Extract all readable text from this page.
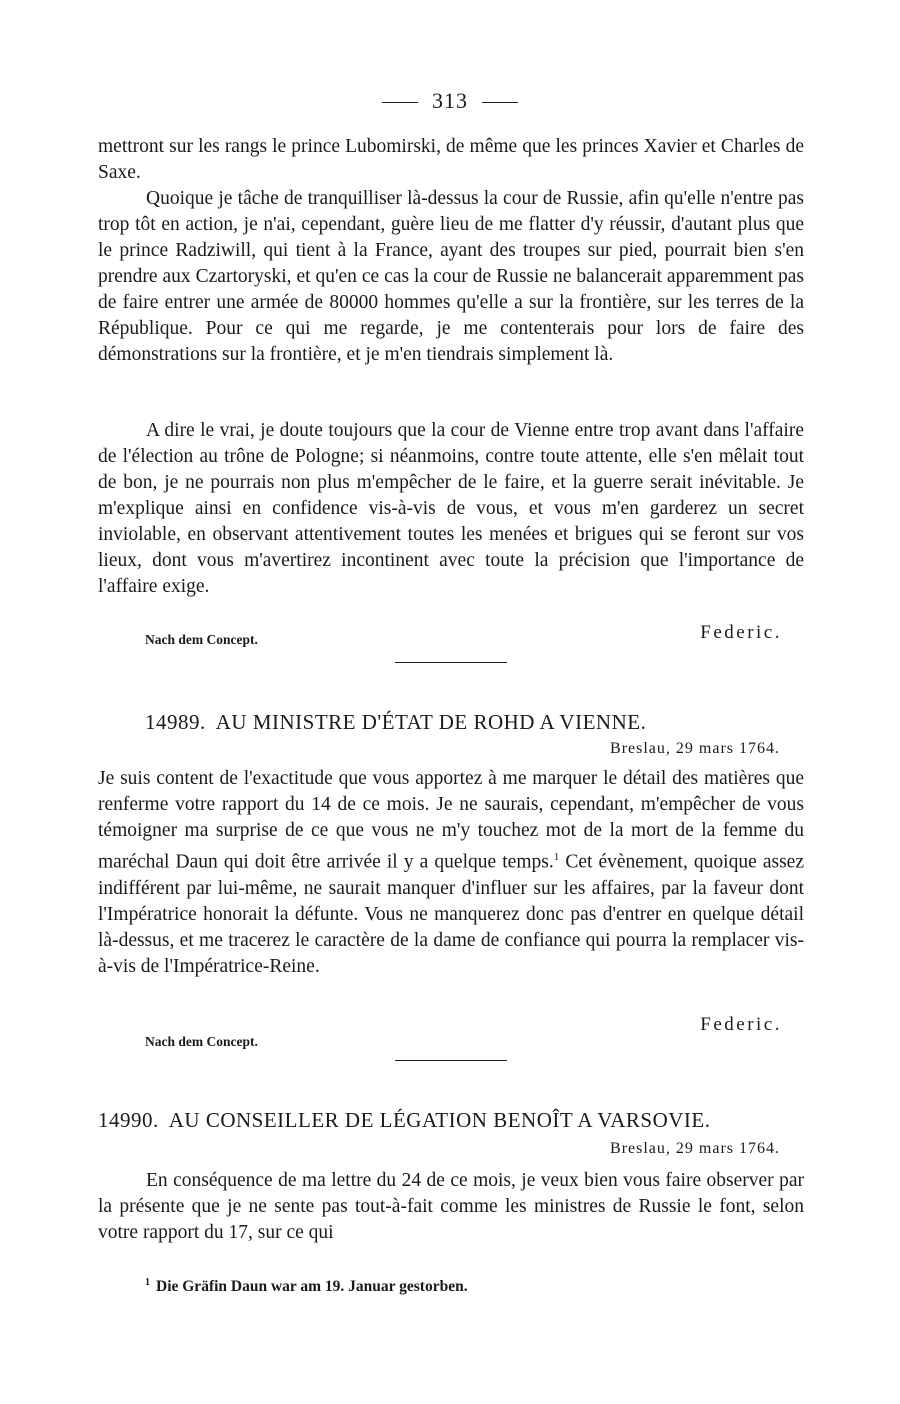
313
mettront sur les rangs le prince Lubomirski, de même que les princes Xavier et Charles de Saxe.
Quoique je tâche de tranquilliser là-dessus la cour de Russie, afin qu'elle n'entre pas trop tôt en action, je n'ai, cependant, guère lieu de me flatter d'y réussir, d'autant plus que le prince Radziwill, qui tient à la France, ayant des troupes sur pied, pourrait bien s'en prendre aux Czartoryski, et qu'en ce cas la cour de Russie ne balancerait apparemment pas de faire entrer une armée de 80000 hommes qu'elle a sur la frontière, sur les terres de la République. Pour ce qui me regarde, je me contenterais pour lors de faire des démonstrations sur la frontière, et je m'en tiendrais simplement là.
A dire le vrai, je doute toujours que la cour de Vienne entre trop avant dans l'affaire de l'élection au trône de Pologne; si néanmoins, contre toute attente, elle s'en mêlait tout de bon, je ne pourrais non plus m'empêcher de le faire, et la guerre serait inévitable. Je m'explique ainsi en confidence vis-à-vis de vous, et vous m'en garderez un secret inviolable, en observant attentivement toutes les menées et brigues qui se feront sur vos lieux, dont vous m'avertirez incontinent avec toute la précision que l'importance de l'affaire exige.
Nach dem Concept.	Federic.
14989. AU MINISTRE D'ÉTAT DE ROHD A VIENNE.
Breslau, 29 mars 1764.
Je suis content de l'exactitude que vous apportez à me marquer le détail des matières que renferme votre rapport du 14 de ce mois. Je ne saurais, cependant, m'empêcher de vous témoigner ma surprise de ce que vous ne m'y touchez mot de la mort de la femme du maréchal Daun qui doit être arrivée il y a quelque temps.$^1$ Cet évènement, quoique assez indifférent par lui-même, ne saurait manquer d'influer sur les affaires, par la faveur dont l'Impératrice honorait la défunte. Vous ne manquerez donc pas d'entrer en quelque détail là-dessus, et me tracerez le caractère de la dame de confiance qui pourra la remplacer vis-à-vis de l'Impératrice-Reine.
Nach dem Concept.
Federic.
14990. AU CONSEILLER DE LÉGATION BENOÎT A VARSOVIE.
Breslau, 29 mars 1764.
En conséquence de ma lettre du 24 de ce mois, je veux bien vous faire observer par la présente que je ne sente pas tout-à-fait comme les ministres de Russie le font, selon votre rapport du 17, sur ce qui
$^1$ Die Gräfin Daun war am 19. Januar gestorben.
